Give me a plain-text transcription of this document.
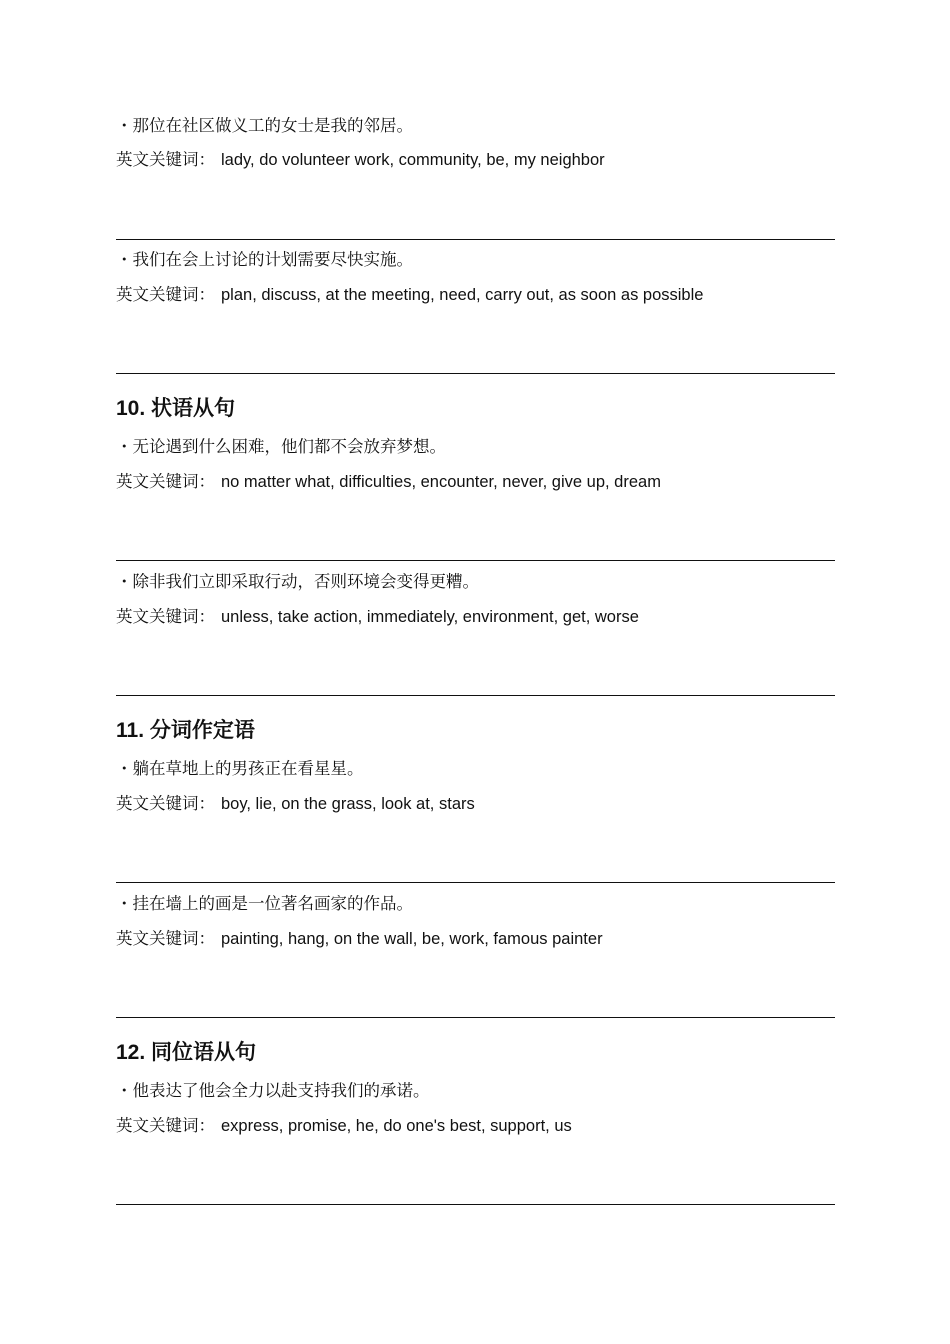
・那位在社区做义工的女士是我的邻居。
英文关键词： lady, do volunteer work, community, be, my neighbor
・我们在会上讨论的计划需要尽快实施。
英文关键词： plan, discuss, at the meeting, need, carry out, as soon as possible
10. 状语从句
・无论遇到什么困难，他们都不会放弃梦想。
英文关键词： no matter what, difficulties, encounter, never, give up, dream
・除非我们立即采取行动，否则环境会变得更糟。
英文关键词： unless, take action, immediately, environment, get, worse
11. 分词作定语
・躺在草地上的男孩正在看星星。
英文关键词： boy, lie, on the grass, look at, stars
・挂在墙上的画是一位著名画家的作品。
英文关键词： painting, hang, on the wall, be, work, famous painter
12. 同位语从句
・他表达了他会全力以赴支持我们的承诺。
英文关键词： express, promise, he, do one's best, support, us
